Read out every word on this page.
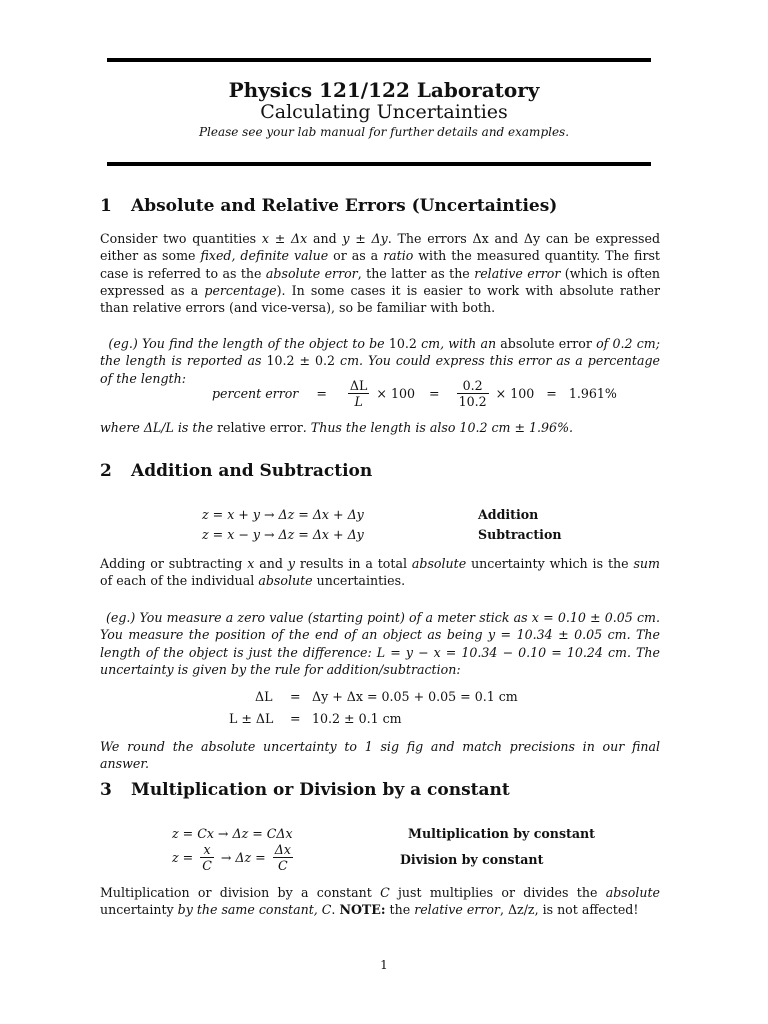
Physics 121/122 Laboratory
Calculating Uncertainties
Please see your lab manual for further details and examples.
1 Absolute and Relative Errors (Uncertainties)
Consider two quantities x ± Δx and y ± Δy. The errors Δx and Δy can be expressed either as some fixed, definite value or as a ratio with the measured quantity. The first case is referred to as the absolute error, the latter as the relative error (which is often expressed as a percentage). In some cases it is easier to work with absolute rather than relative errors (and vice-versa), so be familiar with both.
(eg.) You find the length of the object to be 10.2 cm, with an absolute error of 0.2 cm; the length is reported as 10.2 ± 0.2 cm. You could express this error as a percentage of the length:
percent error = $\frac{\Delta L}{L} \times 100 = \frac{0.2}{10.2} \times 100 = 1.961\%$
where ΔL/L is the relative error. Thus the length is also 10.2 cm ± 1.96%.
2 Addition and Subtraction
z = x + y → Δz = Δx + Δy	Addition
z = x − y → Δz = Δx + Δy	Subtraction
Adding or subtracting x and y results in a total absolute uncertainty which is the sum of each of the individual absolute uncertainties.
(eg.) You measure a zero value (starting point) of a meter stick as x = 0.10 ± 0.05 cm. You measure the position of the end of an object as being y = 10.34 ± 0.05 cm. The length of the object is just the difference: L = y − x = 10.34 − 0.10 = 10.24 cm. The uncertainty is given by the rule for addition/subtraction:
ΔL = Δy + Δx = 0.05 + 0.05 = 0.1 cm
L ± ΔL = 10.2 ± 0.1 cm
We round the absolute uncertainty to 1 sig fig and match precisions in our final answer.
3 Multiplication or Division by a constant
z = Cx → Δz = CΔx	Multiplication by constant
$z = \frac{x}{C} \to \Delta z = \frac{\Delta x}{C}$	Division by constant
Multiplication or division by a constant C just multiplies or divides the absolute uncertainty by the same constant, C. NOTE: the relative error, Δz/z, is not affected!
1
